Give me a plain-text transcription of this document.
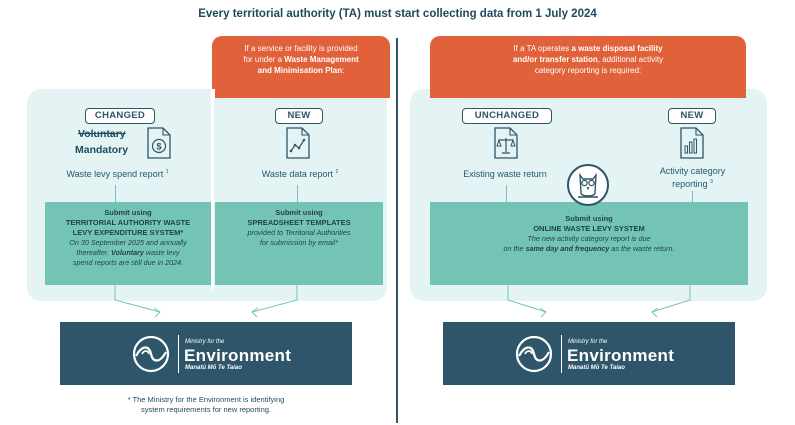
Every territorial authority (TA) must start collecting data from 1 July 2024
If a service or facility is provided
for under a Waste Management
and Minimisation Plan:
CHANGED
Voluntary
Mandatory	$
Waste levy spend report $^1$
NEW
Waste data report $^2$
Submit using
TERRITORIAL AUTHORITY WASTE
LEVY EXPENDITURE SYSTEM*
On 30 September 2025 and annually
thereafter. Voluntary waste levy
spend reports are still due in 2024.
Submit using
SPREADSHEET TEMPLATES
provided to Territorial Authorities
for submission by email*
Ministry for the
Environment
Manatū Mō Te Taiao
* The Ministry for the Environment is identifying
system requirements for new reporting.
If a TA operates a waste disposal facility
and/or transfer station, additional activity
category reporting is required:
UNCHANGED
Existing waste return
NEW
Activity category
reporting $^3$
Submit using
ONLINE WASTE LEVY SYSTEM
The new activity category report is due
on the same day and frequency as the waste return.
Ministry for the
Environment
Manatū Mō Te Taiao
